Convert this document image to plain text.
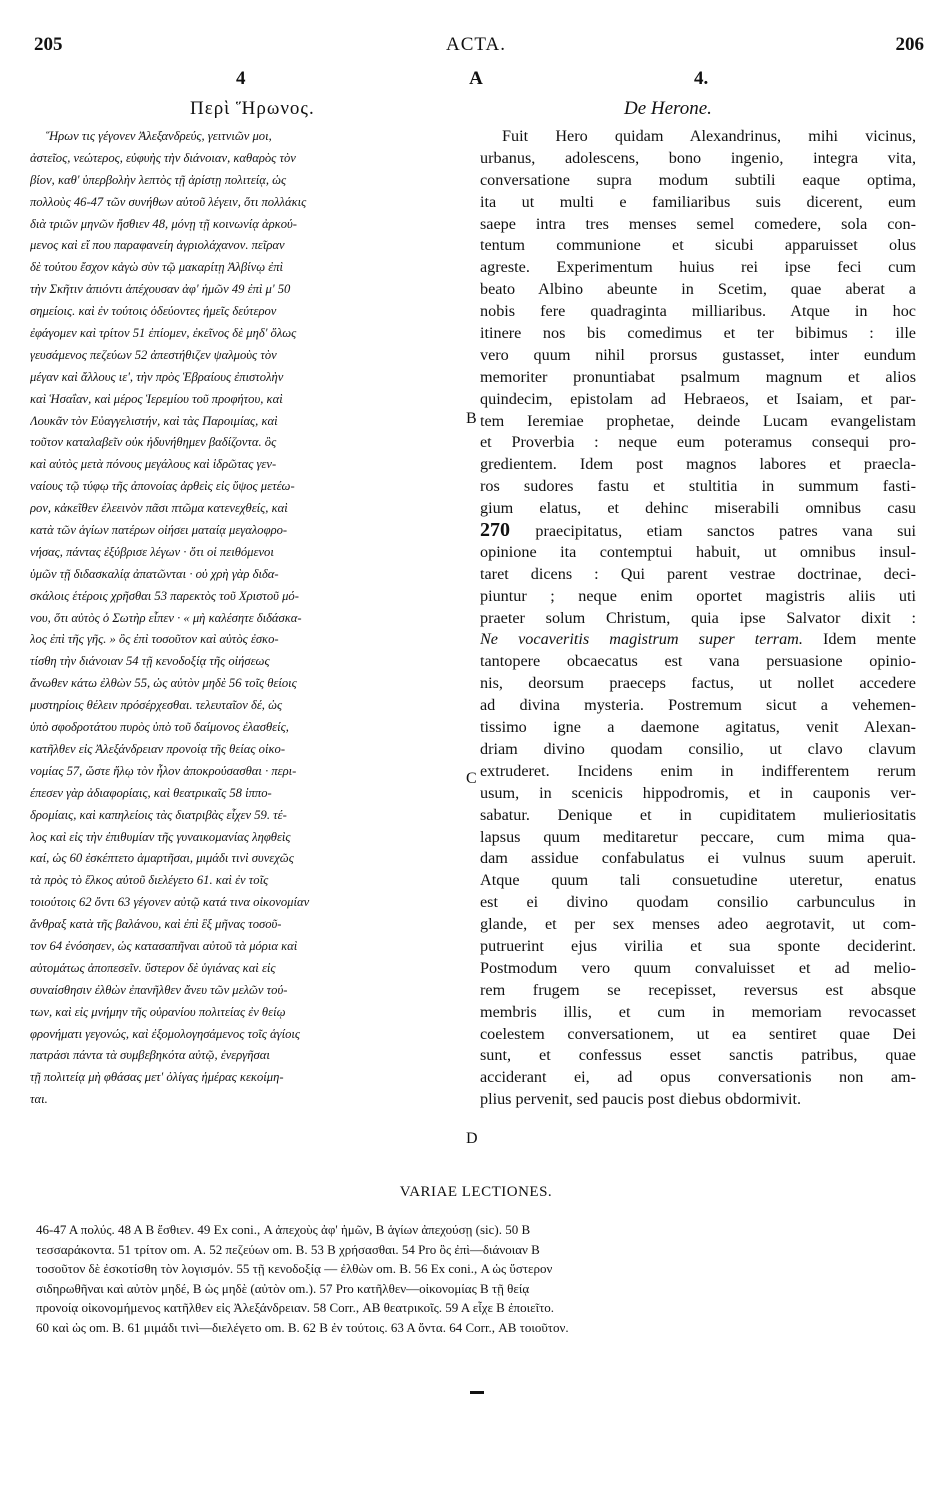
205	ACTA.	206
4	A	4.
Περὶ Ἥρωνος.	De Herone.
Ἥρων τις γέγονεν Ἀλεξανδρεύς, γειτνιῶν μοι,
ἀστεῖος, νεώτερος, εὐφυὴς τὴν διάνοιαν, καθαρὸς τὸν
βίον, καθ' ὑπερβολὴν λεπτὸς τῇ ἀρίστῃ πολιτείᾳ, ὡς
πολλοὺς 46-47 τῶν συνήθων αὐτοῦ λέγειν, ὅτι πολλάκις
διὰ τριῶν μηνῶν ἤσθιεν 48, μόνῃ τῇ κοινωνίᾳ ἀρκού-
μενος καὶ εἴ που παραφανείη ἀγριολάχανον. πεῖραν
δὲ τούτου ἔσχον κἀγὼ σὺν τῷ μακαρίτῃ Ἀλβίνῳ ἐπὶ
τὴν Σκῆτιν ἀπιόντι ἀπέχουσαν ἀφ' ἡμῶν 49 ἐπὶ μ' 50
σημείοις. καὶ ἐν τούτοις ὁδεύοντες ἡμεῖς δεύτερον
ἐφάγομεν καὶ τρίτον 51 ἐπίομεν, ἐκεῖνος δὲ μηδ' ὅλως
γευσάμενος πεζεύων 52 ἀπεστήθιζεν ψαλμοὺς τὸν
μέγαν καὶ ἄλλους ιε', τὴν πρὸς Ἑβραίους ἐπιστολὴν
καὶ Ἡσαΐαν, καὶ μέρος Ἱερεμίου τοῦ προφήτου, καὶ
Λουκᾶν τὸν Εὐαγγελιστήν, καὶ τὰς Παροιμίας, καὶ
τοῦτον καταλαβεῖν οὐκ ἠδυνήθημεν βαδίζοντα. ὃς
καὶ αὐτὸς μετὰ πόνους μεγάλους καὶ ἱδρῶτας γεν-
ναίους τῷ τύφῳ τῆς ἀπονοίας ἀρθεὶς εἰς ὕψος μετέω-
ρον, κἀκεῖθεν ἐλεεινὸν πᾶσι πτῶμα κατενεχθείς, καὶ
κατὰ τῶν ἁγίων πατέρων οἰήσει ματαίᾳ μεγαλοφρο-
νήσας, πάντας ἐξύβρισε λέγων · ὅτι οἱ πειθόμενοι
ὑμῶν τῇ διδασκαλίᾳ ἀπατῶνται · οὐ χρὴ γὰρ διδα-
σκάλοις ἑτέροις χρῆσθαι 53 παρεκτὸς τοῦ Χριστοῦ μό-
νου, ὅτι αὐτὸς ὁ Σωτὴρ εἶπεν · « μὴ καλέσητε διδάσκα-
λος ἐπὶ τῆς γῆς. » ὃς ἐπὶ τοσοῦτον καὶ αὐτὸς ἐσκο-
τίσθη τὴν διάνοιαν 54 τῇ κενοδοξίᾳ τῆς οἰήσεως
ἄνωθεν κάτω ἐλθὼν 55, ὡς αὐτὸν μηδὲ 56 τοῖς θείοις
μυστηρίοις θέλειν πρόσέρχεσθαι. τελευταῖον δέ, ὡς
ὑπὸ σφοδροτάτου πυρὸς ὑπὸ τοῦ δαίμονος ἐλασθείς,
κατῆλθεν εἰς Ἀλεξάνδρειαν προνοίᾳ τῆς θείας οἰκο-
νομίας 57, ὥστε ἥλῳ τὸν ἧλον ἀποκρούσασθαι · περι-
έπεσεν γὰρ ἀδιαφορίαις, καὶ θεατρικαῖς 58 ἱππο-
δρομίαις, καὶ καπηλείοις τὰς διατριβὰς εἶχεν 59. τέ-
λος καὶ εἰς τὴν ἐπιθυμίαν τῆς γυναικομανίας ληφθεὶς
καί, ὡς 60 ἐσκέπτετο ἁμαρτῆσαι, μιμάδι τινὶ συνεχῶς
τὰ πρὸς τὸ ἕλκος αὐτοῦ διελέγετο 61. καὶ ἐν τοῖς
τοιούτοις 62 ὄντι 63 γέγονεν αὐτῷ κατά τινα οἰκονομίαν
ἄνθραξ κατὰ τῆς βαλάνου, καὶ ἐπὶ ἓξ μῆνας τοσοῦ-
τον 64 ἐνόσησεν, ὡς κατασαπῆναι αὐτοῦ τὰ μόρια καὶ
αὐτομάτως ἀποπεσεῖν. ὕστερον δὲ ὑγιάνας καὶ εἰς
συναίσθησιν ἐλθὼν ἐπανῆλθεν ἄνευ τῶν μελῶν τού-
των, καὶ εἰς μνήμην τῆς οὐρανίου πολιτείας ἐν θείῳ
φρονήματι γεγονώς, καὶ ἐξομολογησάμενος τοῖς ἁγίοις
πατράσι πάντα τὰ συμβεβηκότα αὐτῷ, ἐνεργῆσαι
τῇ πολιτείᾳ μὴ φθάσας μετ' ὀλίγας ἡμέρας κεκοίμη-
ται.
Fuit Hero quidam Alexandrinus, mihi vicinus,
urbanus, adolescens, bono ingenio, integra vita,
conversatione supra modum subtili eaque optima,
ita ut multi e familiaribus suis dicerent, eum
saepe intra tres menses semel comedere, sola con-
tentum communione et sicubi apparuisset olus
agreste. Experimentum huius rei ipse feci cum
beato Albino abeunte in Scetim, quae aberat a
nobis fere quadraginta milliaribus. Atque in hoc
itinere nos bis comedimus et ter bibimus : ille
vero quum nihil prorsus gustasset, inter eundum
memoriter pronuntiabat psalmum magnum et alios
quindecim, epistolam ad Hebraeos, et Isaiam, et par-
tem Ieremiae prophetae, deinde Lucam evangelistam
et Proverbia : neque eum poteramus consequi pro-
gredientem. Idem post magnos labores et praecla-
ros sudores fastu et stultitia in summum fasti-
gium elatus, et dehinc miserabili omnibus casu
270 praecipitatus, etiam sanctos patres vana sui
opinione ita contemptui habuit, ut omnibus insul-
taret dicens : Qui parent vestrae doctrinae, deci-
piuntur ; neque enim oportet magistris aliis uti
praeter solum Christum, quia ipse Salvator dixit :
Ne vocaveritis magistrum super terram. Idem mente
tantopere obcaecatus est vana persuasione opinio-
nis, deorsum praeceps factus, ut nollet accedere
ad divina mysteria. Postremum sicut a vehemen-
tissimo igne a daemone agitatus, venit Alexan-
driam divino quodam consilio, ut clavo clavum
extruderet. Incidens enim in indifferentem rerum
usum, in scenicis hippodromis, et in cauponis ver-
sabatur. Denique et in cupiditatem mulieriositatis
lapsus quum meditaretur peccare, cum mima qua-
dam assidue confabulatus ei vulnus suum aperuit.
Atque quum tali consuetudine uteretur, enatus
est ei divino quodam consilio carbunculus in
glande, et per sex menses adeo aegrotavit, ut com-
putruerint ejus virilia et sua sponte deciderint.
Postmodum vero quum convaluisset et ad melio-
rem frugem se recepisset, reversus est absque
membris illis, et cum in memoriam revocasset
coelestem conversationem, ut ea sentiret quae Dei
sunt, et confessus esset sanctis patribus, quae
acciderant ei, ad opus conversationis non am-
plius pervenit, sed paucis post diebus obdormivit.
B
C
D
VARIAE LECTIONES.
46-47 Α πολύς. 48 Α Β ἔσθιεν. 49 Ex coni., Α ἀπεχοὺς ἀφ' ἡμῶν, Β ἁγίων ἀπεχούσῃ (sic). 50 Β
τεσσαράκοντα. 51 τρίτον om. Α. 52 πεζεύων om. Β. 53 Β χρήσασθαι. 54 Pro ὃς ἐπὶ—διάνοιαν Β
τοσοῦτον δὲ ἐσκοτίσθη τὸν λογισμόν. 55 τῇ κενοδοξίᾳ — ἐλθὼν om. Β. 56 Ex coni., Α ὡς ὕστερον
σιδηρωθῆναι καὶ αὐτὸν μηδέ, Β ὡς μηδὲ (αὐτὸν om.). 57 Pro κατῆλθεν—οἰκονομίας Β τῇ θείᾳ
προνοίᾳ οἰκονομήμενος κατῆλθεν εἰς Ἀλεξάνδρειαν. 58 Corr., ΑΒ θεατρικοῖς. 59 Α εἶχε Β ἐποιεῖτο.
60 καὶ ὡς om. Β. 61 μιμάδι τινὶ—διελέγετο om. Β. 62 Β ἐν τούτοις. 63 Α ὄντα. 64 Corr., ΑΒ τοιοῦτον.
